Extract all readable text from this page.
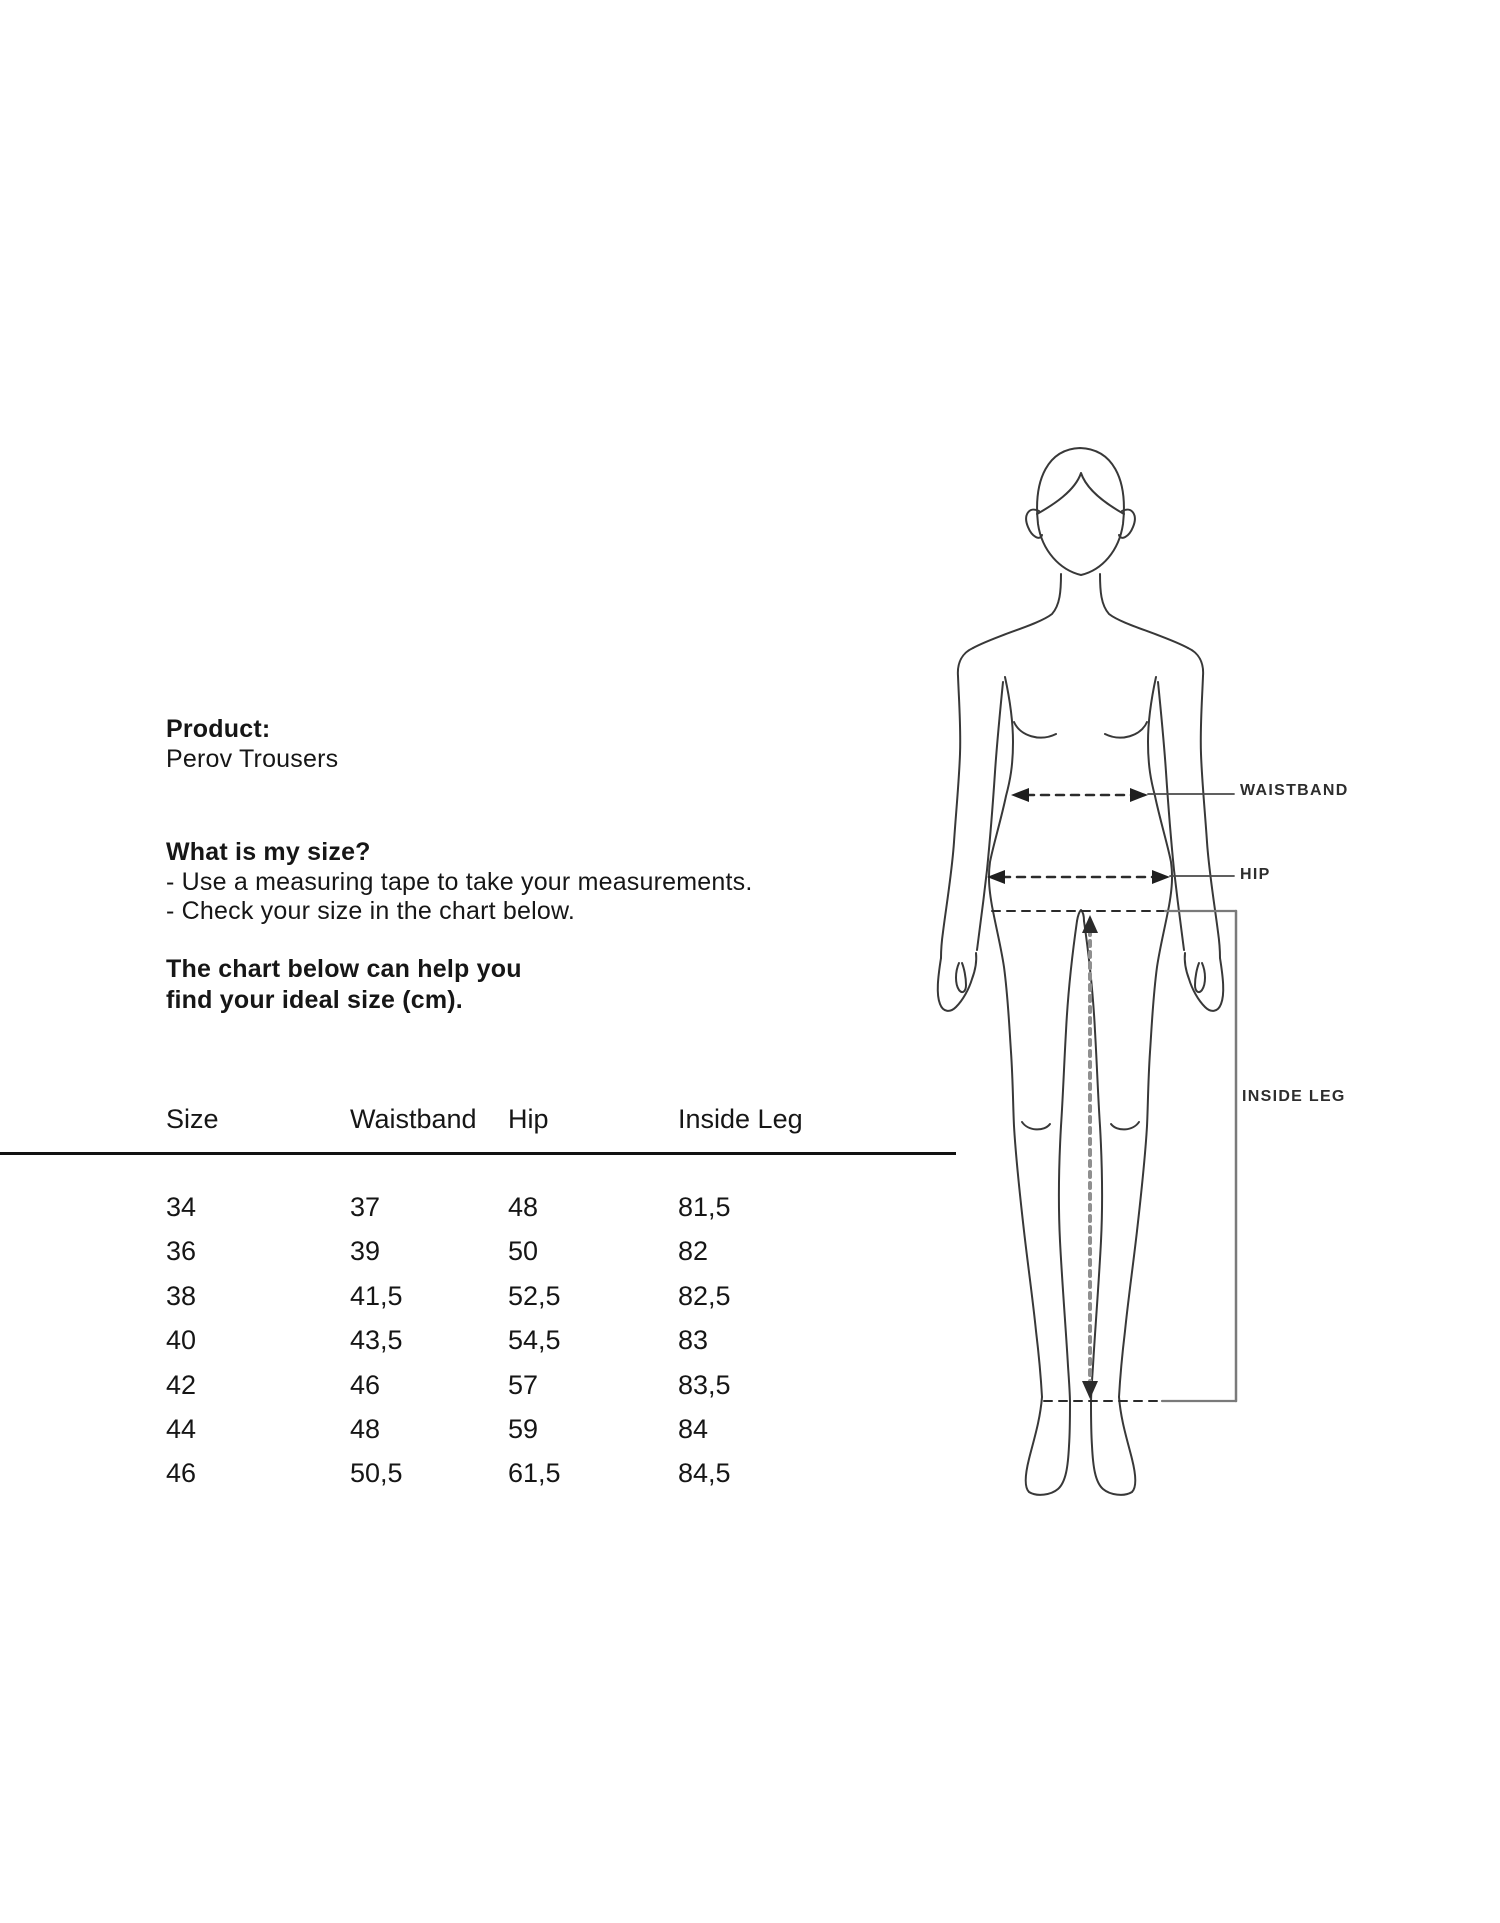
Product:
Perov Trousers
What is my size?
- Use a measuring tape to take your measurements.
- Check your size in the chart below.
The chart below can help you
find your ideal size (cm).
Size	Waistband	Hip	Inside Leg
34	37	48	81,5
36	39	50	82
38	41,5	52,5	82,5
40	43,5	54,5	83
42	46	57	83,5
44	48	59	84
46	50,5	61,5	84,5
WAISTBAND
HIP
INSIDE LEG
